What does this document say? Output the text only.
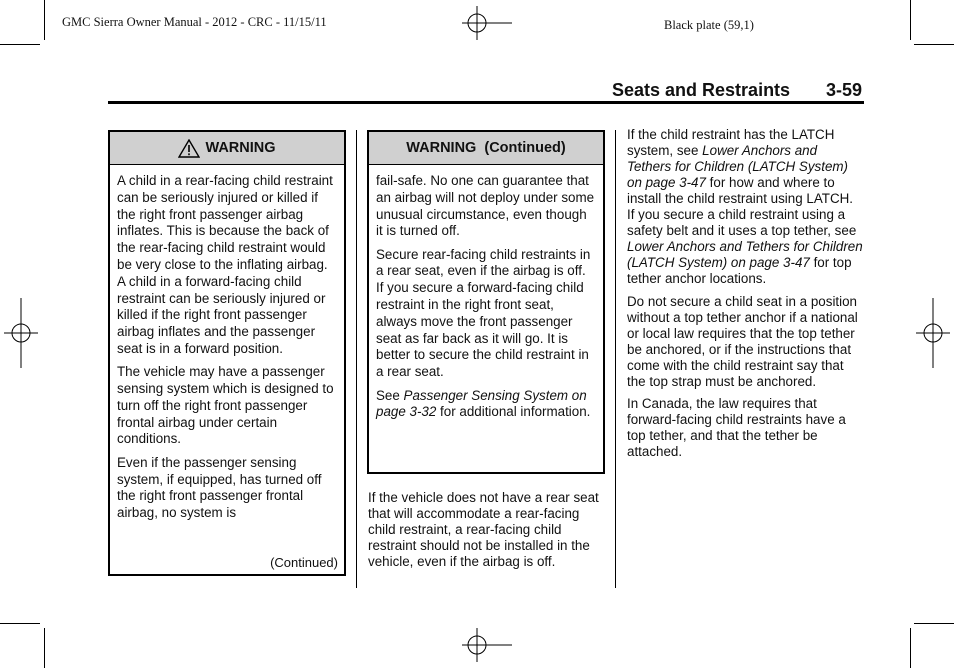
GMC Sierra Owner Manual - 2012 - CRC - 11/15/11	Black plate (59,1)
Seats and Restraints 3-59
WARNING

A child in a rear-facing child restraint can be seriously injured or killed if the right front passenger airbag inflates. This is because the back of the rear-facing child restraint would be very close to the inflating airbag. A child in a forward-facing child restraint can be seriously injured or killed if the right front passenger airbag inflates and the passenger seat is in a forward position.

The vehicle may have a passenger sensing system which is designed to turn off the right front passenger frontal airbag under certain conditions.

Even if the passenger sensing system, if equipped, has turned off the right front passenger frontal airbag, no system is

(Continued)
WARNING  (Continued)

fail-safe. No one can guarantee that an airbag will not deploy under some unusual circumstance, even though it is turned off.

Secure rear-facing child restraints in a rear seat, even if the airbag is off. If you secure a forward-facing child restraint in the right front seat, always move the front passenger seat as far back as it will go. It is better to secure the child restraint in a rear seat.

See Passenger Sensing System on page 3-32 for additional information.

If the vehicle does not have a rear seat that will accommodate a rear-facing child restraint, a rear-facing child restraint should not be installed in the vehicle, even if the airbag is off.

If the child restraint has the LATCH system, see Lower Anchors and Tethers for Children (LATCH System) on page 3-47 for how and where to install the child restraint using LATCH. If you secure a child restraint using a safety belt and it uses a top tether, see Lower Anchors and Tethers for Children (LATCH System) on page 3-47 for top tether anchor locations.

Do not secure a child seat in a position without a top tether anchor if a national or local law requires that the top tether be anchored, or if the instructions that come with the child restraint say that the top strap must be anchored.

In Canada, the law requires that forward-facing child restraints have a top tether, and that the tether be attached.
